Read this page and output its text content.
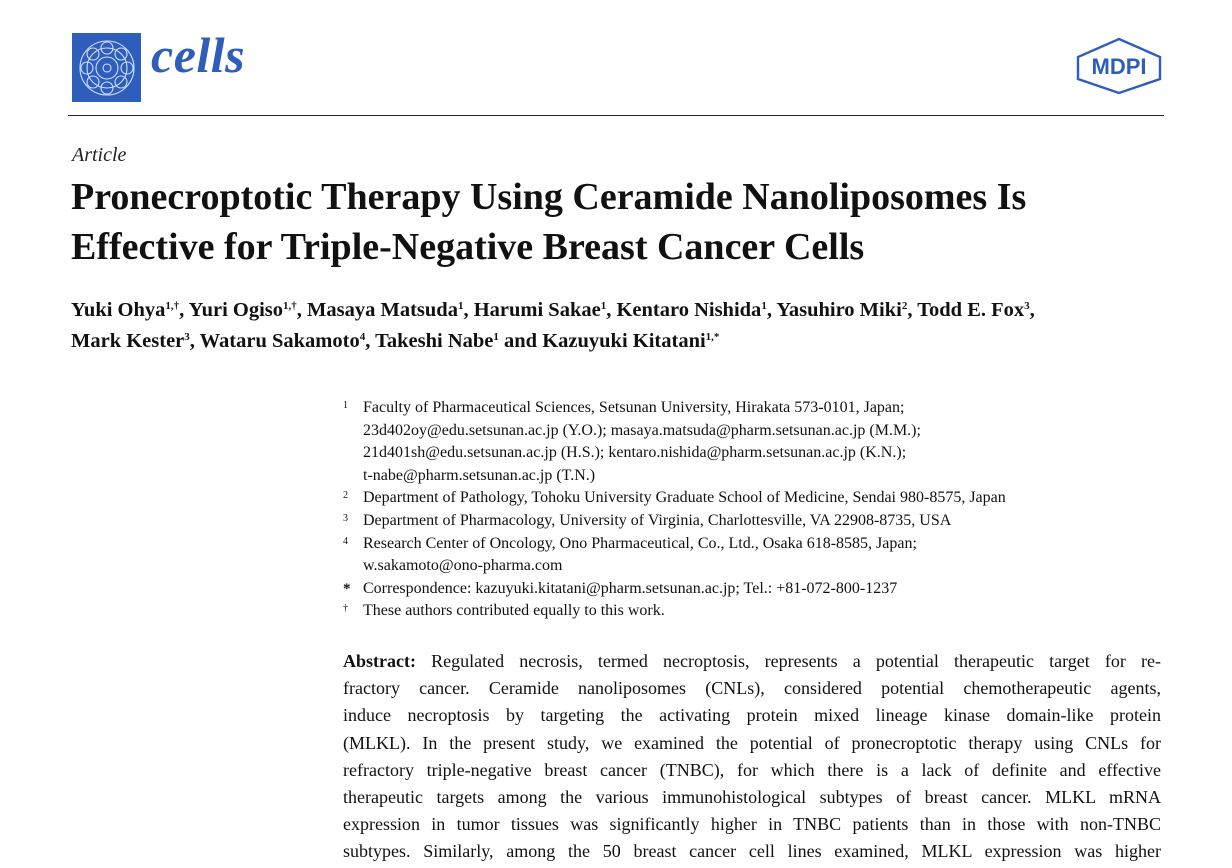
cells	MDPI
Article
Pronecroptotic Therapy Using Ceramide Nanoliposomes Is
Effective for Triple-Negative Breast Cancer Cells
Yuki Ohya$^{1,\dagger}$, Yuri Ogiso$^{1,\dagger}$, Masaya Matsuda$^1$, Harumi Sakae$^1$, Kentaro Nishida$^1$, Yasuhiro Miki$^2$, Todd E. Fox$^3$,
Mark Kester$^3$, Wataru Sakamoto$^4$, Takeshi Nabe$^1$ and Kazuyuki Kitatani$^{1,*}$
1 Faculty of Pharmaceutical Sciences, Setsunan University, Hirakata 573-0101, Japan;
23d402oy@edu.setsunan.ac.jp (Y.O.); masaya.matsuda@pharm.setsunan.ac.jp (M.M.);
21d401sh@edu.setsunan.ac.jp (H.S.); kentaro.nishida@pharm.setsunan.ac.jp (K.N.);
t-nabe@pharm.setsunan.ac.jp (T.N.)
2 Department of Pathology, Tohoku University Graduate School of Medicine, Sendai 980-8575, Japan
3 Department of Pharmacology, University of Virginia, Charlottesville, VA 22908-8735, USA
4 Research Center of Oncology, Ono Pharmaceutical, Co., Ltd., Osaka 618-8585, Japan;
w.sakamoto@ono-pharma.com
* Correspondence: kazuyuki.kitatani@pharm.setsunan.ac.jp; Tel.: +81-072-800-1237
† These authors contributed equally to this work.
Abstract: Regulated necrosis, termed necroptosis, represents a potential therapeutic target for re-
fractory cancer. Ceramide nanoliposomes (CNLs), considered potential chemotherapeutic agents,
induce necroptosis by targeting the activating protein mixed lineage kinase domain-like protein
(MLKL). In the present study, we examined the potential of pronecroptotic therapy using CNLs for
refractory triple-negative breast cancer (TNBC), for which there is a lack of definite and effective
therapeutic targets among the various immunohistological subtypes of breast cancer. MLKL mRNA
expression in tumor tissues was significantly higher in TNBC patients than in those with non-TNBC
subtypes. Similarly, among the 50 breast cancer cell lines examined, MLKL expression was higher
